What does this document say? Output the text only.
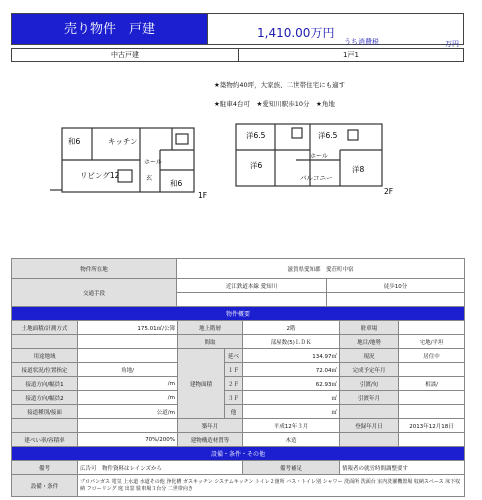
売り物件　戸建	1,410.00万円
うち消費税	万円
中古戸建	1戸1
★築物約40坪，大家族、二世帯住宅にも適す
★駐車4台可　★愛知川駅歩10分　★角地
和6	キッチン
リビング12
ホール
玄
和6
1F
洋6.5	洋6.5
洋6	洋8
ホール
バルコニー
2F
物件所在地	滋賀県愛知郡　愛荘町中宿
交通手段	近江鉄道本線 愛知川	徒歩10分

物件概要						
土地面積/計測方式	175.01㎡/公簿	地上階層		2階	駐車場	
		間取		部屋数(5)ＬＤＫ	地目/地勢	宅地/平坦
用途地域		建物面積	延べ	134.97㎡	現況	居住中
接道状況/位置指定	角地/		１Ｆ	72.04㎡	完成予定年月	
接道方向/幅員1	/m		２Ｆ	62.93㎡	引渡/旬	相談/
接道方向/幅員2	/m		３Ｆ	㎡	引渡年月	
接道種別/接面	公道/m		他	㎡		
		築年月		平成12年３月	登録年月日	2013年12月18日
建ぺい率/容積率	70%/200%	建物構造材質等		木造		
設備・条件・その他						
備考	広告可　物件資料はレインズから			備考補足	情報者の就労時間調整要す	
設備・条件	プロパンガス 電気 上水道 水道その他 浄化槽 ガスキッチン システムキッチン トイレ２箇所 バス・トイレ別 シャワー 洗面所 洗面台 室内洗濯機置場 収納スペース 床下収納 フローリング 庭 出窓 駐車場３台分 二世帯向き					
